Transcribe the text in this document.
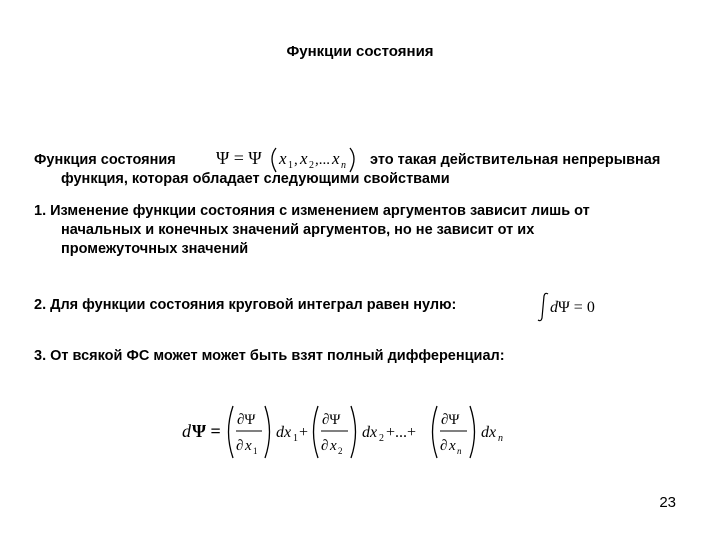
Функции состояния
Функция состояния Ψ = Ψ x 1 , x 2 ,... x n это такая действительная непрерывная
функция, которая обладает следующими свойствами
1. Изменение функции состояния с изменением аргументов зависит лишь от
начальных и конечных значений аргументов, но не зависит от их
промежуточных значений
2. Для функции состояния круговой интеграл равен нулю:	d Ψ = 0
3. От всякой ФС может может быть взят полный дифференциал:
d Ψ =
∂Ψ
∂ x 1
dx 1 +
∂Ψ
∂ x 2
dx 2 +...+
∂Ψ
∂ x n
dx n
23
